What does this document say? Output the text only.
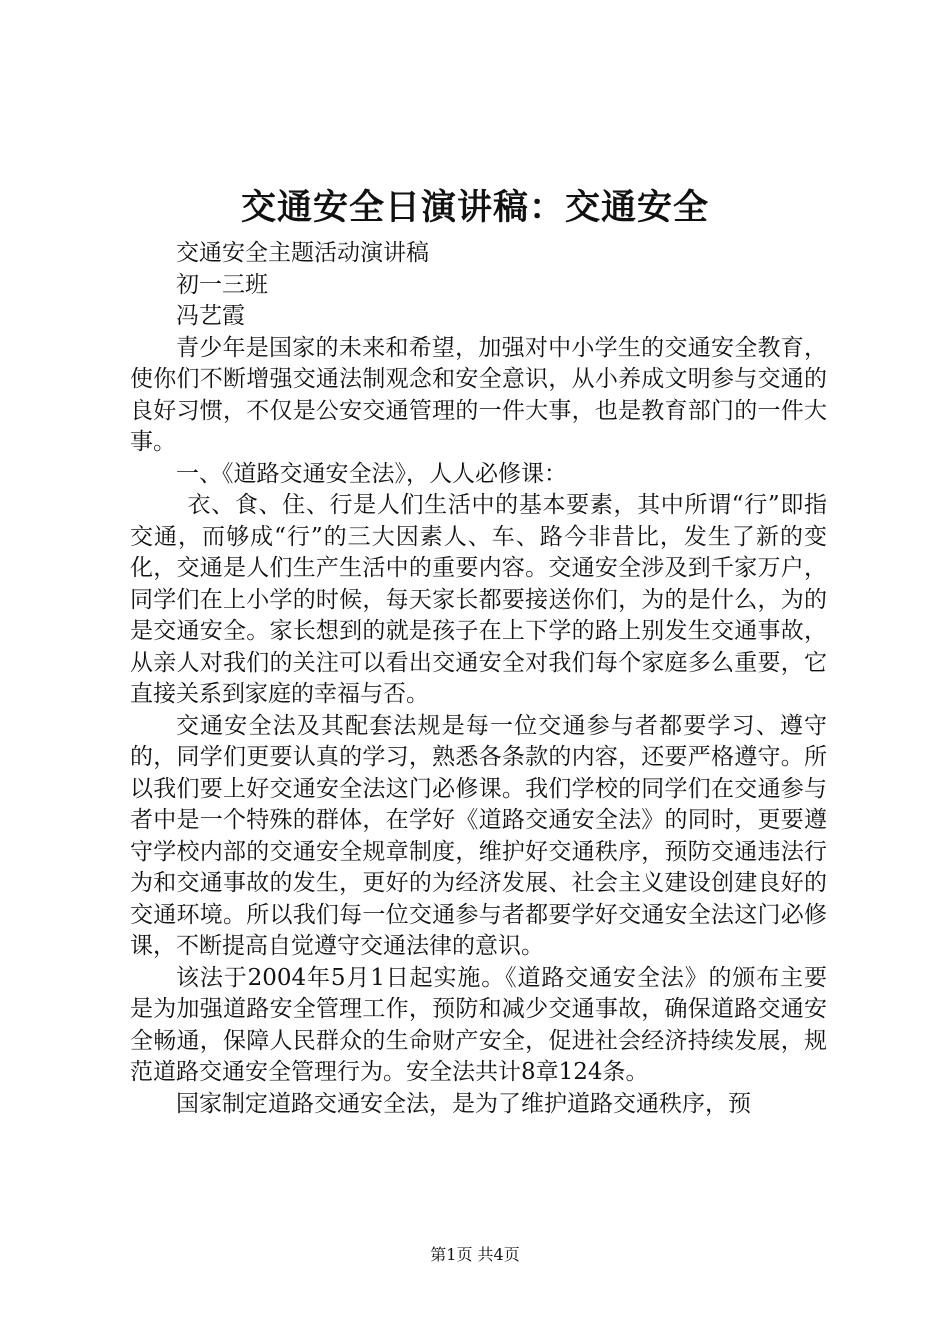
交通安全日演讲稿：交通安全

交通安全主题活动演讲稿

初一三班

冯艺霞

青少年是国家的未来和希望，加强对中小学生的交通安全教育，使你们不断增强交通法制观念和安全意识，从小养成文明参与交通的良好习惯，不仅是公安交通管理的一件大事，也是教育部门的一件大事。

一、《道路交通安全法》，人人必修课：

衣、食、住、行是人们生活中的基本要素，其中所谓“行”即指交通，而够成“行”的三大因素人、车、路今非昔比，发生了新的变化，交通是人们生产生活中的重要内容。交通安全涉及到千家万户，同学们在上小学的时候，每天家长都要接送你们，为的是什么，为的是交通安全。家长想到的就是孩子在上下学的路上别发生交通事故，从亲人对我们的关注可以看出交通安全对我们每个家庭多么重要，它直接关系到家庭的幸福与否。

交通安全法及其配套法规是每一位交通参与者都要学习、遵守的，同学们更要认真的学习，熟悉各条款的内容，还要严格遵守。所以我们要上好交通安全法这门必修课。我们学校的同学们在交通参与者中是一个特殊的群体，在学好《道路交通安全法》的同时，更要遵守学校内部的交通安全规章制度，维护好交通秩序，预防交通违法行为和交通事故的发生，更好的为经济发展、社会主义建设创建良好的交通环境。所以我们每一位交通参与者都要学好交通安全法这门必修课，不断提高自觉遵守交通法律的意识。

该法于2004年5月1日起实施。《道路交通安全法》的颁布主要是为加强道路安全管理工作，预防和减少交通事故，确保道路交通安全畅通，保障人民群众的生命财产安全，促进社会经济持续发展，规范道路交通安全管理行为。安全法共计8章124条。

国家制定道路交通安全法，是为了维护道路交通秩序，预

第1页 共4页
